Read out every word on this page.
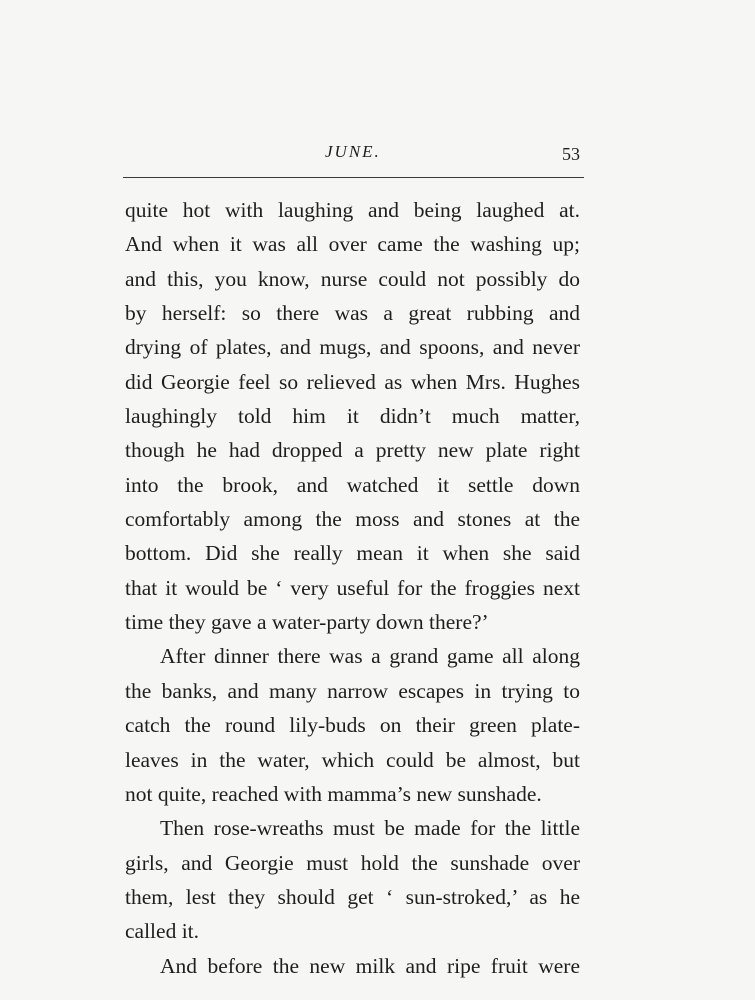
JUNE.	53
quite hot with laughing and being laughed at.
And when it was all over came the washing up;
and this, you know, nurse could not possibly do
by herself: so there was a great rubbing and
drying of plates, and mugs, and spoons, and never
did Georgie feel so relieved as when Mrs. Hughes
laughingly told him it didn’t much matter,
though he had dropped a pretty new plate right
into the brook, and watched it settle down
comfortably among the moss and stones at the
bottom. Did she really mean it when she said
that it would be ‘ very useful for the froggies next
time they gave a water-party down there?’
After dinner there was a grand game all along
the banks, and many narrow escapes in trying to
catch the round lily-buds on their green plate-
leaves in the water, which could be almost, but
not quite, reached with mamma’s new sunshade.
Then rose-wreaths must be made for the little
girls, and Georgie must hold the sunshade over
them, lest they should get ‘ sun-stroked,’ as he
called it.
And before the new milk and ripe fruit were
